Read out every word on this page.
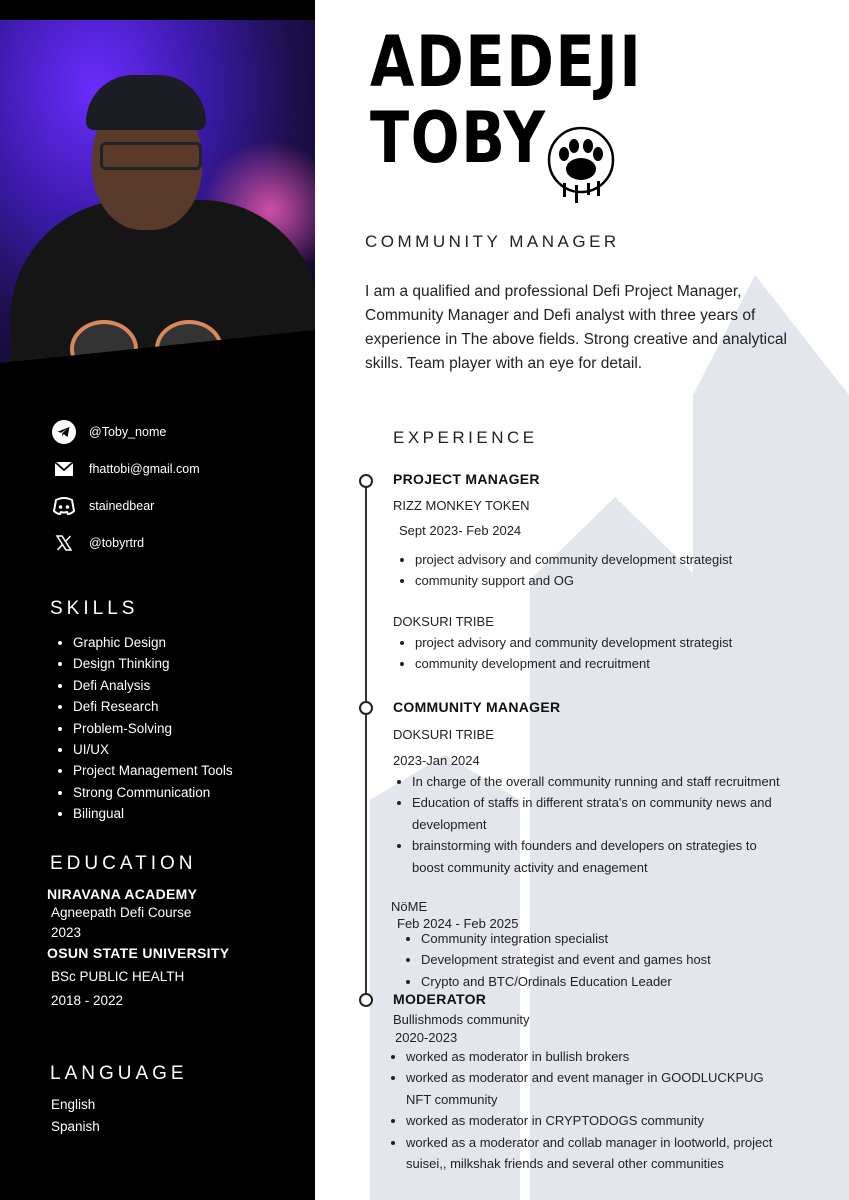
@Toby_nome
fhattobi@gmail.com
stainedbear
@tobyrtrd
SKILLS
• Graphic Design
• Design Thinking
• Defi Analysis
• Defi Research
• Problem-Solving
• UI/UX
• Project Management Tools
• Strong Communication
• Bilingual
EDUCATION
NIRAVANA ACADEMY
Agneepath Defi Course
2023
OSUN STATE UNIVERSITY
BSc PUBLIC HEALTH
2018 - 2022
LANGUAGE
English
Spanish
ADEDEJI
TOBY
COMMUNITY MANAGER
I am a qualified and professional Defi Project Manager, Community Manager and Defi analyst with three years of experience in The above fields. Strong creative and analytical skills. Team player with an eye for detail.
EXPERIENCE
PROJECT MANAGER
RIZZ MONKEY TOKEN
Sept 2023- Feb 2024
• project advisory and community development strategist
• community support and OG
DOKSURI TRIBE
• project advisory and community development strategist
• community development and recruitment
COMMUNITY MANAGER
DOKSURI TRIBE
2023-Jan 2024
• In charge of the overall community running and staff recruitment
• Education of staffs in different strata's on community news and development
• brainstorming with founders and developers on strategies to boost community activity and enagement
NöME
Feb 2024 - Feb 2025
• Community integration specialist
• Development strategist and event and games host
• Crypto and BTC/Ordinals Education Leader
MODERATOR
Bullishmods community
2020-2023
• worked as moderator in bullish brokers
• worked as moderator and event manager in GOODLUCKPUG NFT community
• worked as moderator in CRYPTODOGS community
• worked as a moderator and collab manager in lootworld, project suisei,, milkshak friends and several other communities
